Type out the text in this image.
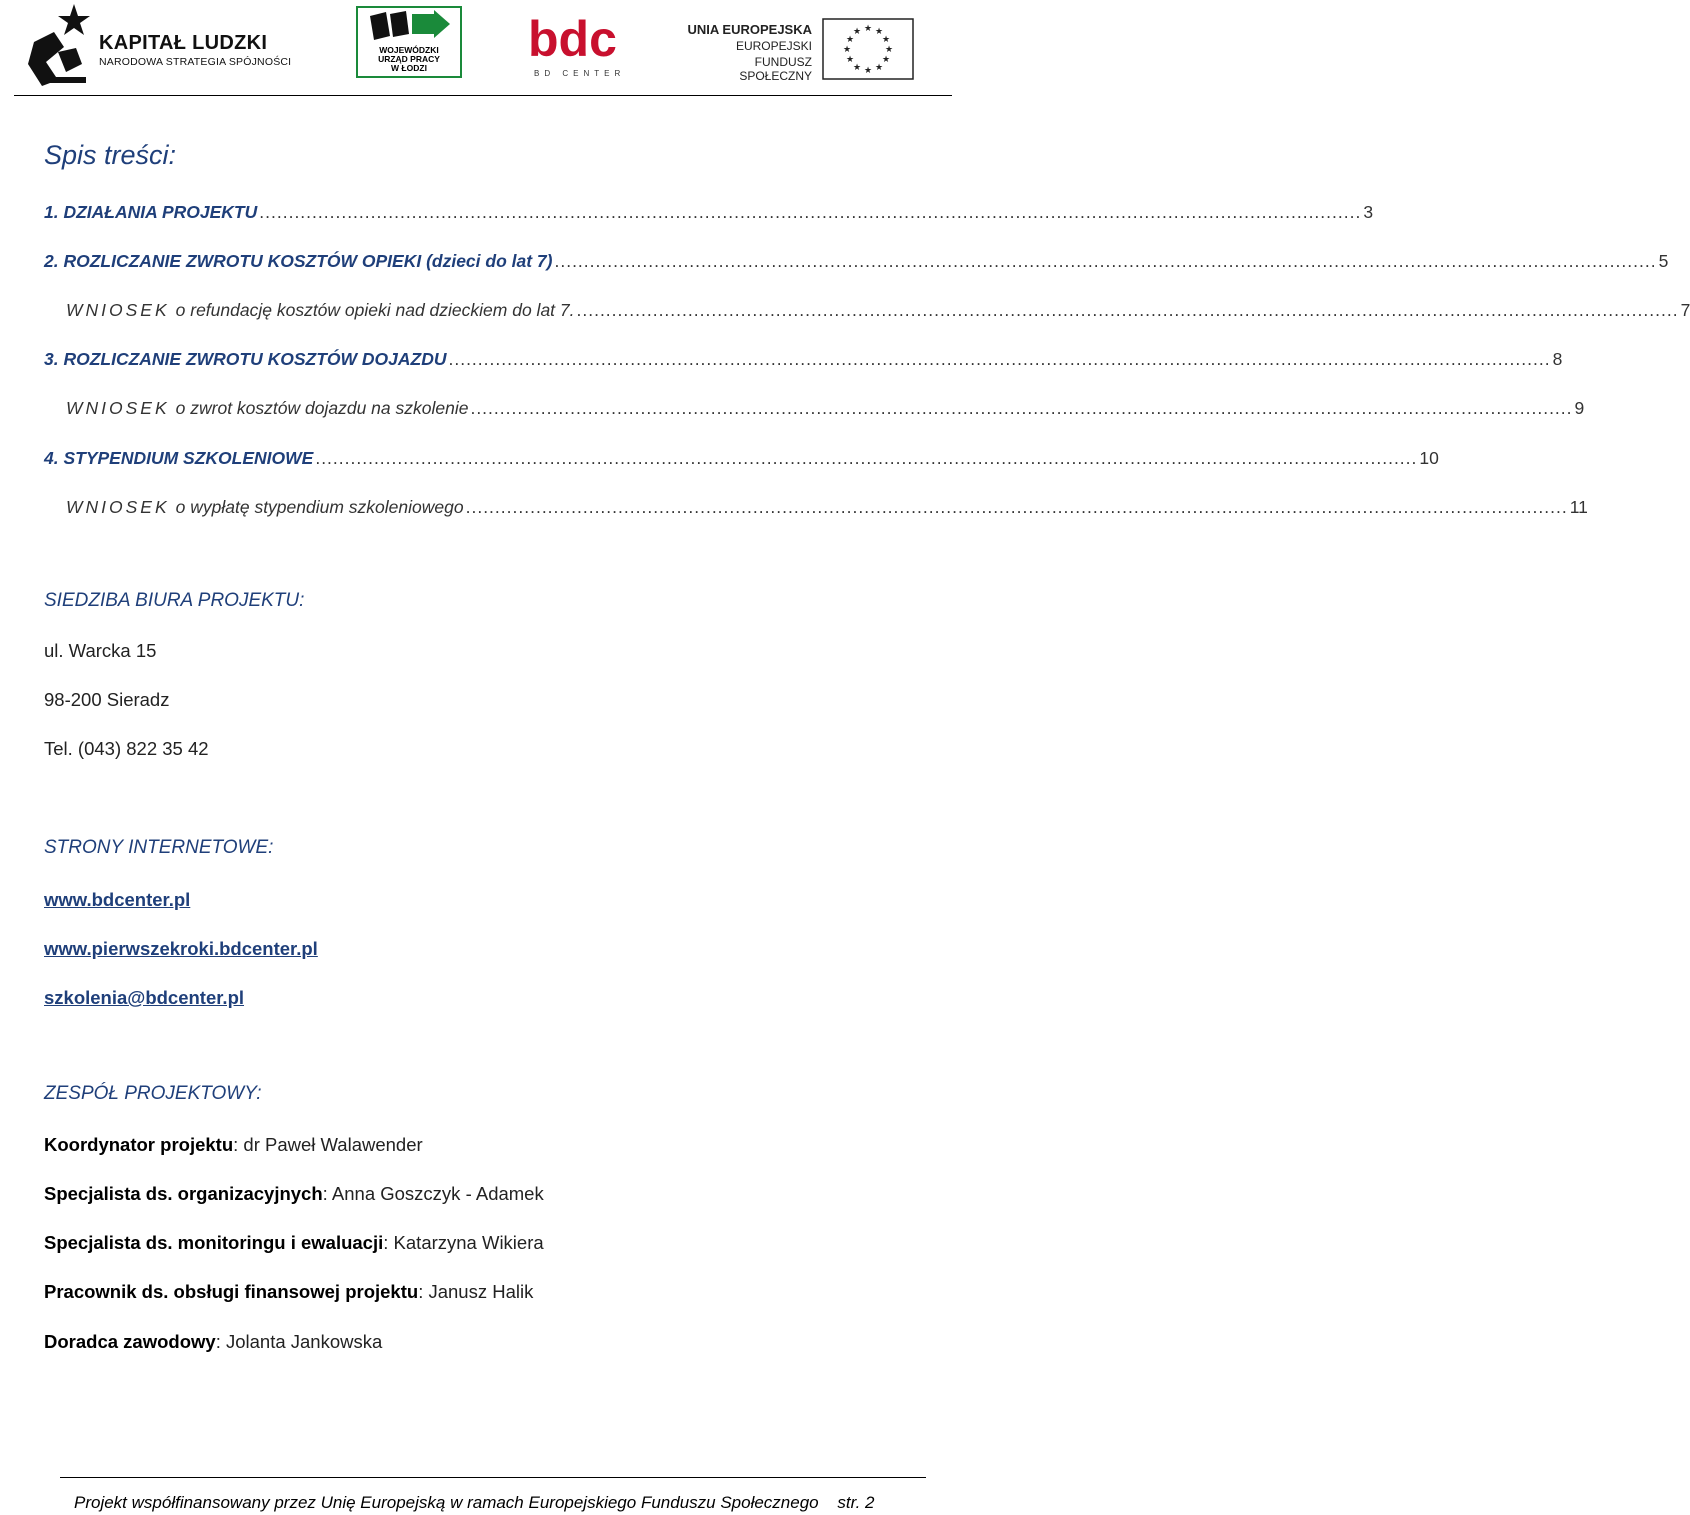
KAPITAŁ LUDZKI
NARODOWA STRATEGIA SPÓJNOŚCI
WOJEWÓDZKI
URZĄD PRACY
W ŁODZI
bdc
BD CENTER
UNIA EUROPEJSKA
EUROPEJSKI
FUNDUSZ SPOŁECZNY
★ ★
★
★
★
★
★
★
★
★
★
★
Spis treści:
1. DZIAŁANIA PROJEKTU ............................................................................................................................................................................................ 3
2. ROZLICZANIE ZWROTU KOSZTÓW OPIEKI (dzieci do lat 7) ............................................................................................................................................................................................ 5
WNIOSEK o refundację kosztów opieki nad dzieckiem do lat 7. ............................................................................................................................................................................................ 7
3. ROZLICZANIE ZWROTU KOSZTÓW DOJAZDU ............................................................................................................................................................................................ 8
WNIOSEK o zwrot kosztów dojazdu na szkolenie ............................................................................................................................................................................................ 9
4. STYPENDIUM SZKOLENIOWE ............................................................................................................................................................................................ 10
WNIOSEK o wypłatę stypendium szkoleniowego ............................................................................................................................................................................................ 11
SIEDZIBA BIURA PROJEKTU:
ul. Warcka 15
98-200 Sieradz
Tel. (043) 822 35 42
STRONY INTERNETOWE:
www.bdcenter.pl
www.pierwszekroki.bdcenter.pl
szkolenia@bdcenter.pl
ZESPÓŁ PROJEKTOWY:
Koordynator projektu: dr Paweł Walawender
Specjalista ds. organizacyjnych: Anna Goszczyk - Adamek
Specjalista ds. monitoringu i ewaluacji: Katarzyna Wikiera
Pracownik ds. obsługi finansowej projektu: Janusz Halik
Doradca zawodowy: Jolanta Jankowska
Projekt współfinansowany przez Unię Europejską w ramach Europejskiego Funduszu Społecznego str. 2
